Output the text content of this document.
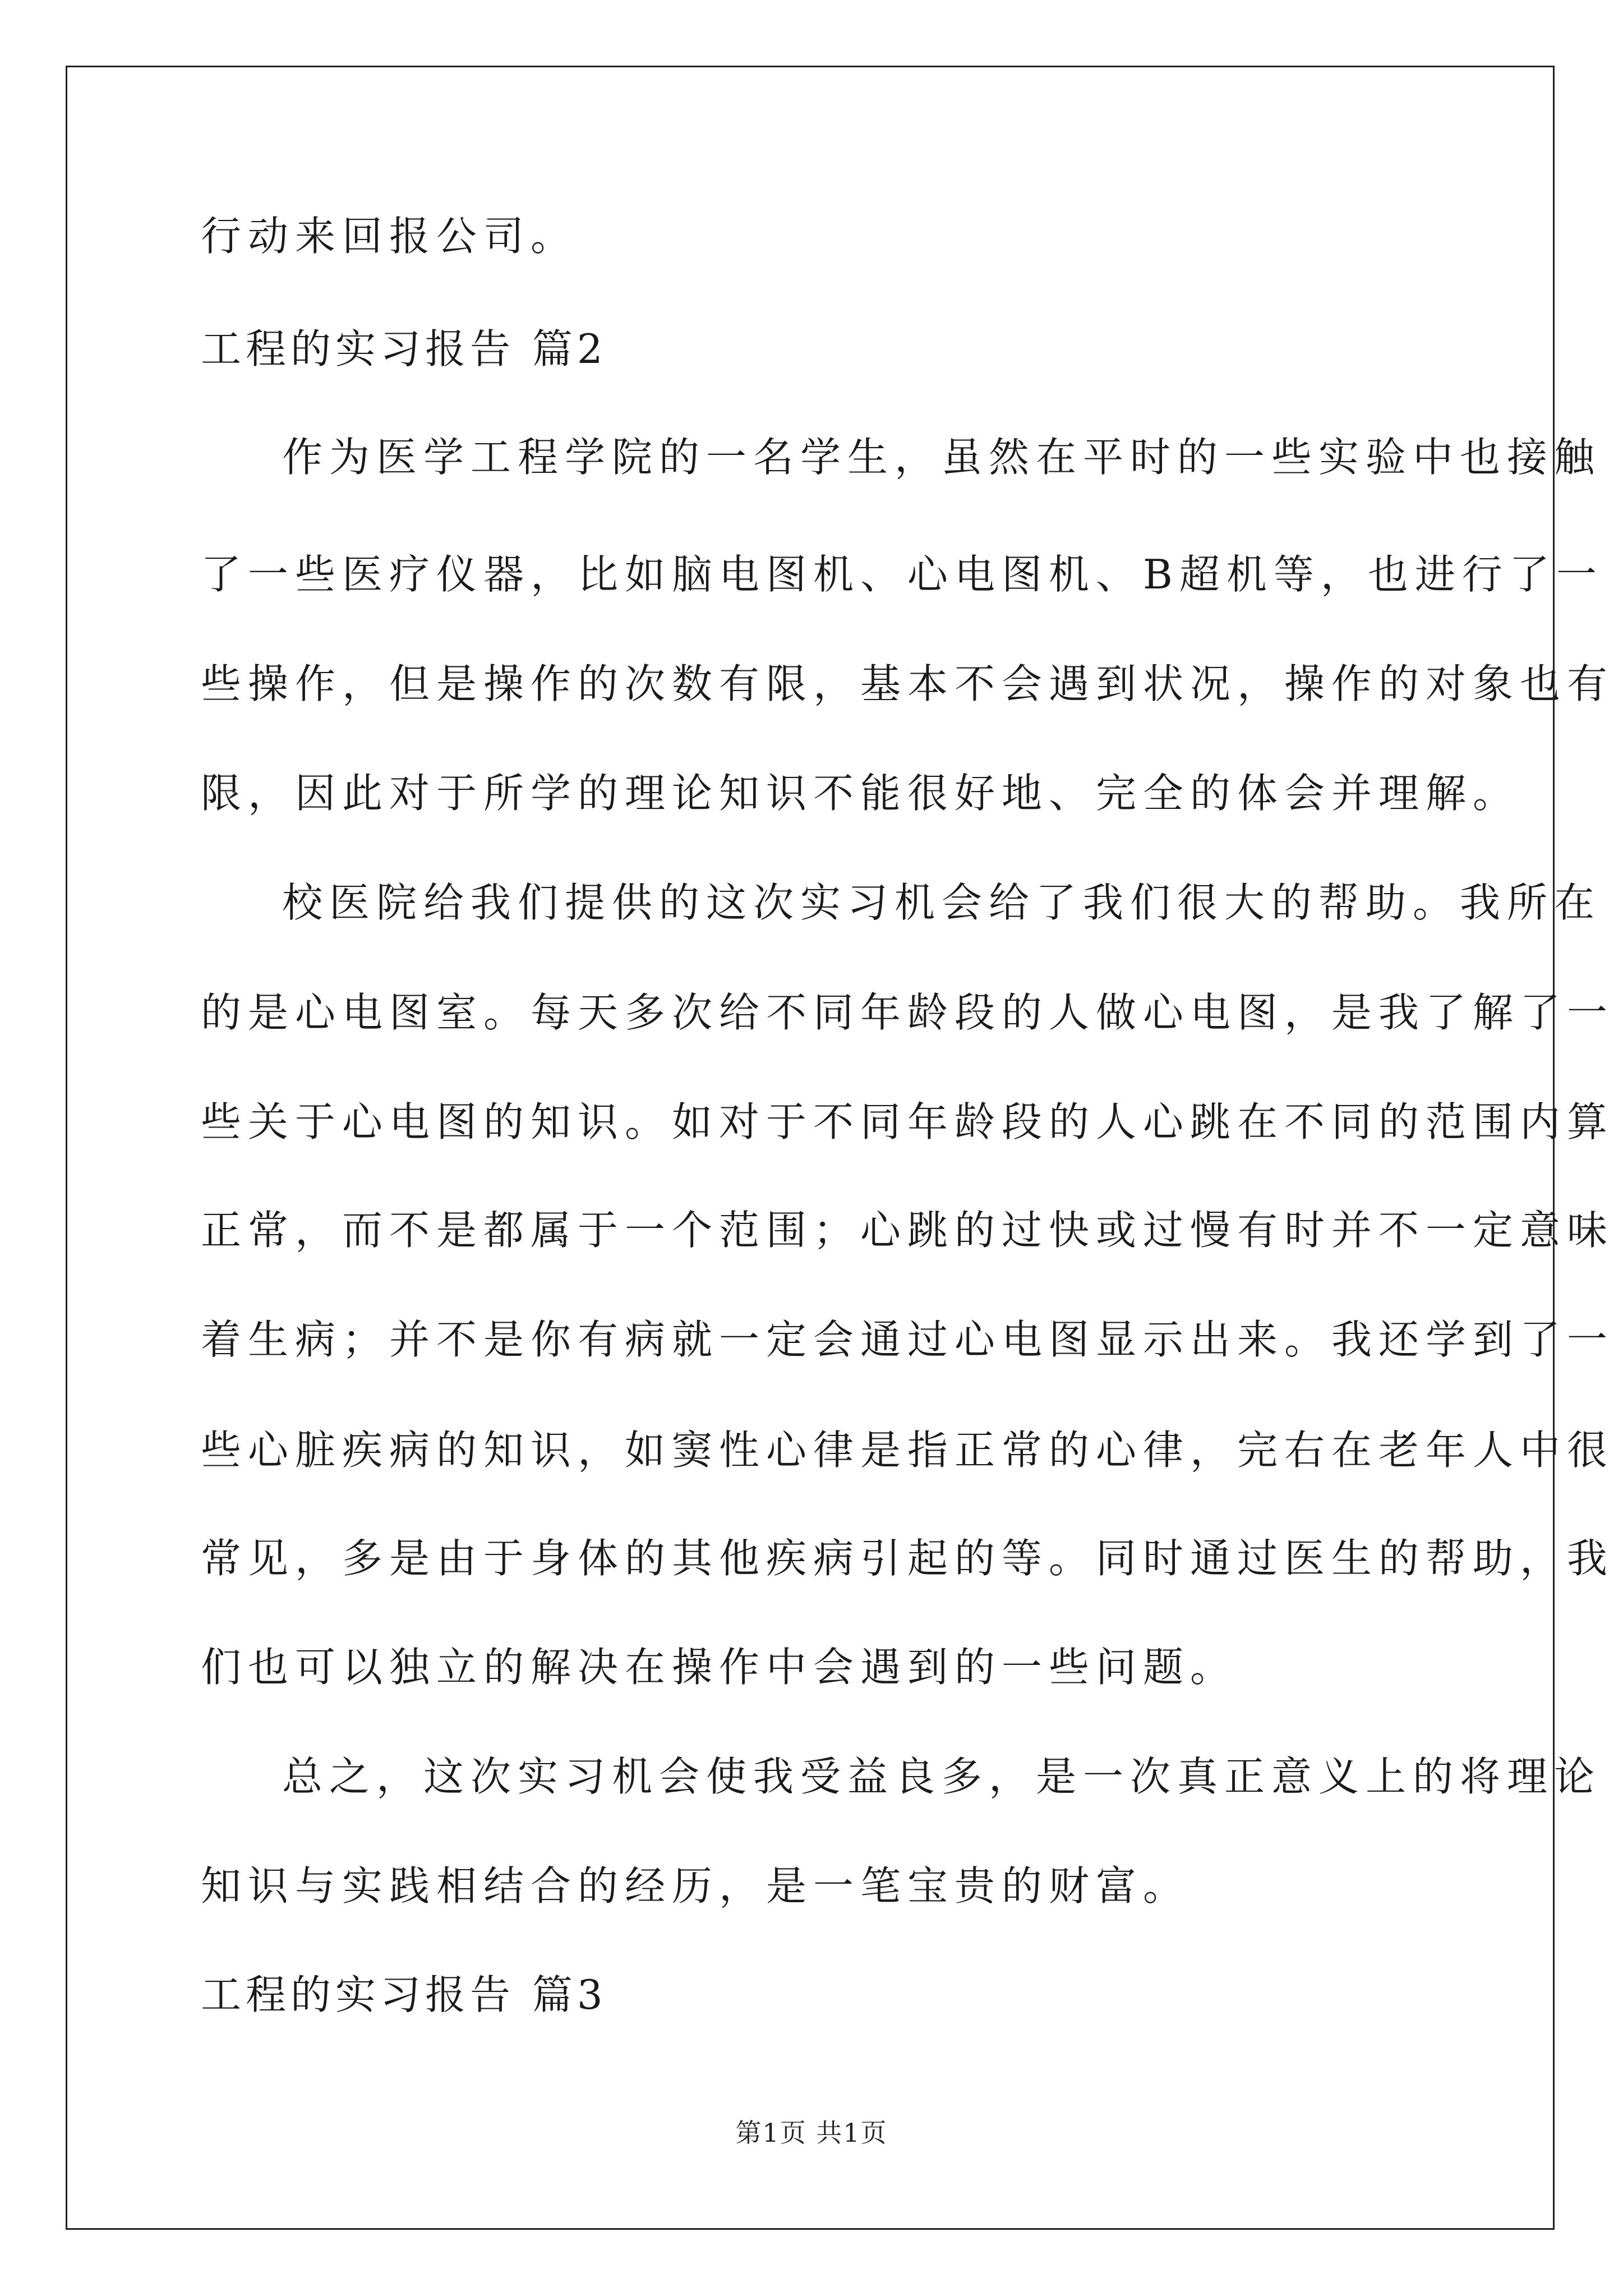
行动来回报公司。
工程的实习报告 篇2
作为医学工程学院的一名学生，虽然在平时的一些实验中也接触
了一些医疗仪器，比如脑电图机、心电图机、B超机等，也进行了一
些操作，但是操作的次数有限，基本不会遇到状况，操作的对象也有
限，因此对于所学的理论知识不能很好地、完全的体会并理解。
校医院给我们提供的这次实习机会给了我们很大的帮助。我所在
的是心电图室。每天多次给不同年龄段的人做心电图，是我了解了一
些关于心电图的知识。如对于不同年龄段的人心跳在不同的范围内算
正常，而不是都属于一个范围；心跳的过快或过慢有时并不一定意味
着生病；并不是你有病就一定会通过心电图显示出来。我还学到了一
些心脏疾病的知识，如窦性心律是指正常的心律，完右在老年人中很
常见，多是由于身体的其他疾病引起的等。同时通过医生的帮助，我
们也可以独立的解决在操作中会遇到的一些问题。
总之，这次实习机会使我受益良多，是一次真正意义上的将理论
知识与实践相结合的经历，是一笔宝贵的财富。
工程的实习报告 篇3
第1页 共1页
